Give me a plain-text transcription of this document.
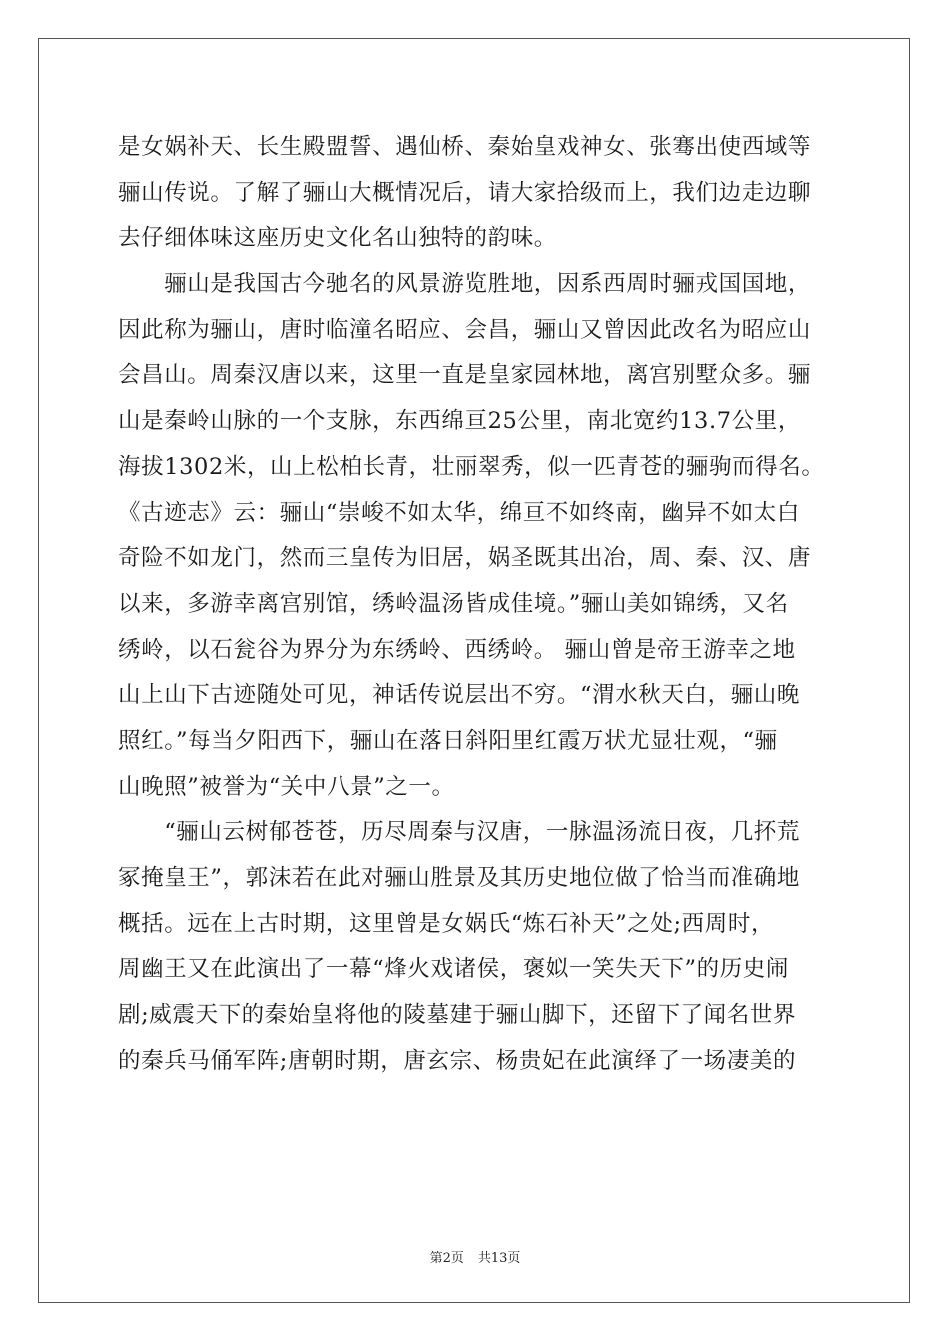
是女娲补天、长生殿盟誓、遇仙桥、秦始皇戏神女、张骞出使西域等
骊山传说。了解了骊山大概情况后，请大家拾级而上，我们边走边聊
去仔细体味这座历史文化名山独特的韵味。
　　骊山是我国古今驰名的风景游览胜地，因系西周时骊戎国国地，
因此称为骊山，唐时临潼名昭应、会昌，骊山又曾因此改名为昭应山
会昌山。周秦汉唐以来，这里一直是皇家园林地，离宫别墅众多。骊
山是秦岭山脉的一个支脉，东西绵亘25公里，南北宽约13.7公里，
海拔1302米，山上松柏长青，壮丽翠秀，似一匹青苍的骊驹而得名。
《古迹志》云：骊山“崇峻不如太华，绵亘不如终南，幽异不如太白
奇险不如龙门，然而三皇传为旧居，娲圣既其出冶，周、秦、汉、唐
以来，多游幸离宫别馆，绣岭温汤皆成佳境。”骊山美如锦绣，又名
绣岭，以石瓮谷为界分为东绣岭、西绣岭。 骊山曾是帝王游幸之地
山上山下古迹随处可见，神话传说层出不穷。“渭水秋天白，骊山晚
照红。”每当夕阳西下，骊山在落日斜阳里红霞万状尤显壮观，“骊
山晚照”被誉为“关中八景”之一。
　　“骊山云树郁苍苍，历尽周秦与汉唐，一脉温汤流日夜，几抔荒
冢掩皇王”，郭沫若在此对骊山胜景及其历史地位做了恰当而准确地
概括。远在上古时期，这里曾是女娲氏“炼石补天”之处;西周时，
周幽王又在此演出了一幕“烽火戏诸侯，褒姒一笑失天下”的历史闹
剧;威震天下的秦始皇将他的陵墓建于骊山脚下，还留下了闻名世界
的秦兵马俑军阵;唐朝时期，唐玄宗、杨贵妃在此演绎了一场凄美的
第2页 共13页
